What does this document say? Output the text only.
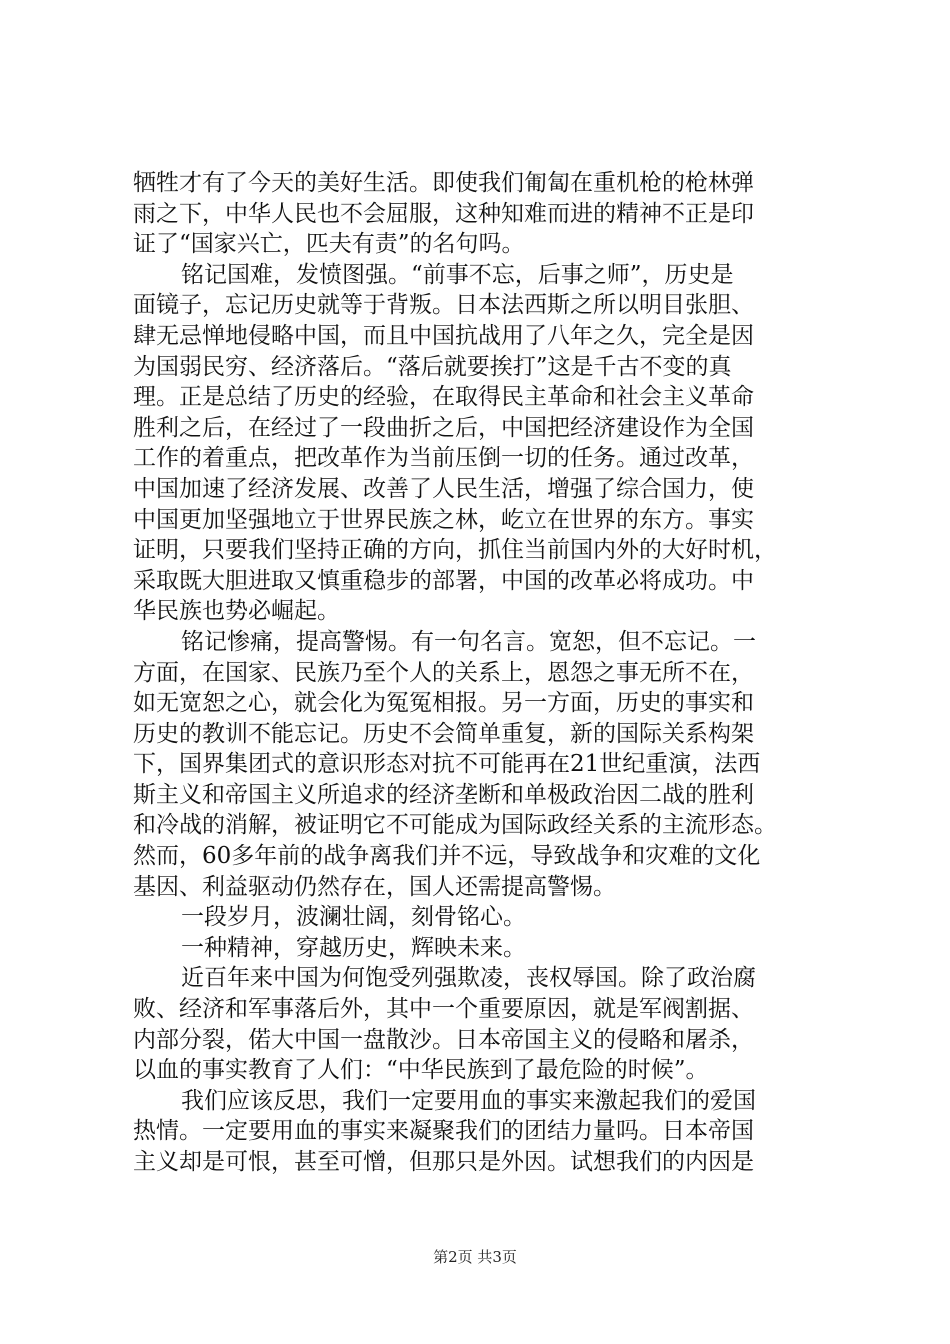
牺牲才有了今天的美好生活。即使我们匍匐在重机枪的枪林弹
雨之下，中华人民也不会屈服，这种知难而进的精神不正是印
证了“国家兴亡，匹夫有责”的名句吗。
铭记国难，发愤图强。“前事不忘，后事之师”，历史是
面镜子，忘记历史就等于背叛。日本法西斯之所以明目张胆、
肆无忌惮地侵略中国，而且中国抗战用了八年之久，完全是因
为国弱民穷、经济落后。“落后就要挨打”这是千古不变的真
理。正是总结了历史的经验，在取得民主革命和社会主义革命
胜利之后，在经过了一段曲折之后，中国把经济建设作为全国
工作的着重点，把改革作为当前压倒一切的任务。通过改革，
中国加速了经济发展、改善了人民生活，增强了综合国力，使
中国更加坚强地立于世界民族之林，屹立在世界的东方。事实
证明，只要我们坚持正确的方向，抓住当前国内外的大好时机，
采取既大胆进取又慎重稳步的部署，中国的改革必将成功。中
华民族也势必崛起。
铭记惨痛，提高警惕。有一句名言。宽恕，但不忘记。一
方面，在国家、民族乃至个人的关系上，恩怨之事无所不在，
如无宽恕之心，就会化为冤冤相报。另一方面，历史的事实和
历史的教训不能忘记。历史不会简单重复，新的国际关系构架
下，国界集团式的意识形态对抗不可能再在21世纪重演，法西
斯主义和帝国主义所追求的经济垄断和单极政治因二战的胜利
和冷战的消解，被证明它不可能成为国际政经关系的主流形态。
然而，60多年前的战争离我们并不远，导致战争和灾难的文化
基因、利益驱动仍然存在，国人还需提高警惕。
一段岁月，波澜壮阔，刻骨铭心。
一种精神，穿越历史，辉映未来。
近百年来中国为何饱受列强欺凌，丧权辱国。除了政治腐
败、经济和军事落后外，其中一个重要原因，就是军阀割据、
内部分裂，偌大中国一盘散沙。日本帝国主义的侵略和屠杀，
以血的事实教育了人们：“中华民族到了最危险的时候”。
我们应该反思，我们一定要用血的事实来激起我们的爱国
热情。一定要用血的事实来凝聚我们的团结力量吗。日本帝国
主义却是可恨，甚至可憎，但那只是外因。试想我们的内因是
第2页 共3页
